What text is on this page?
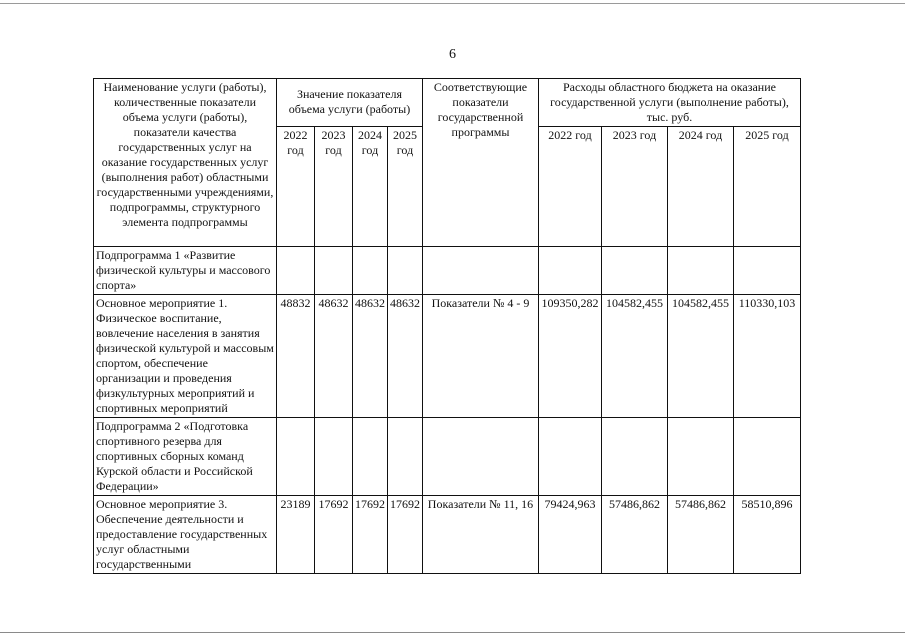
6
Наименование услуги (работы), количественные показатели объема услуги (работы), показатели качества государственных услуг на оказание государственных услуг (выполнения работ) областными государственными учреждениями, подпрограммы, структурного элемента подпрограммы	Значение показателя объема услуги (работы)				Соответствующие показатели государственной программы	Расходы областного бюджета на оказание государственной услуги (выполнение работы), тыс. руб.			
	2022 год	2023 год	2024 год	2025 год		2022 год	2023 год	2024 год	2025 год
Подпрограмма 1 «Развитие физической культуры и массового спорта»									
Основное мероприятие 1. Физическое воспитание, вовлечение населения в занятия физической культурой и массовым спортом, обеспечение организации и проведения физкультурных мероприятий и спортивных мероприятий	48832	48632	48632	48632	Показатели № 4 - 9	109350,282	104582,455	104582,455	110330,103
Подпрограмма 2 «Подготовка спортивного резерва для спортивных сборных команд Курской области и Российской Федерации»									
Основное мероприятие 3. Обеспечение деятельности и предоставление государственных услуг областными государственными	23189	17692	17692	17692	Показатели № 11, 16	79424,963	57486,862	57486,862	58510,896
